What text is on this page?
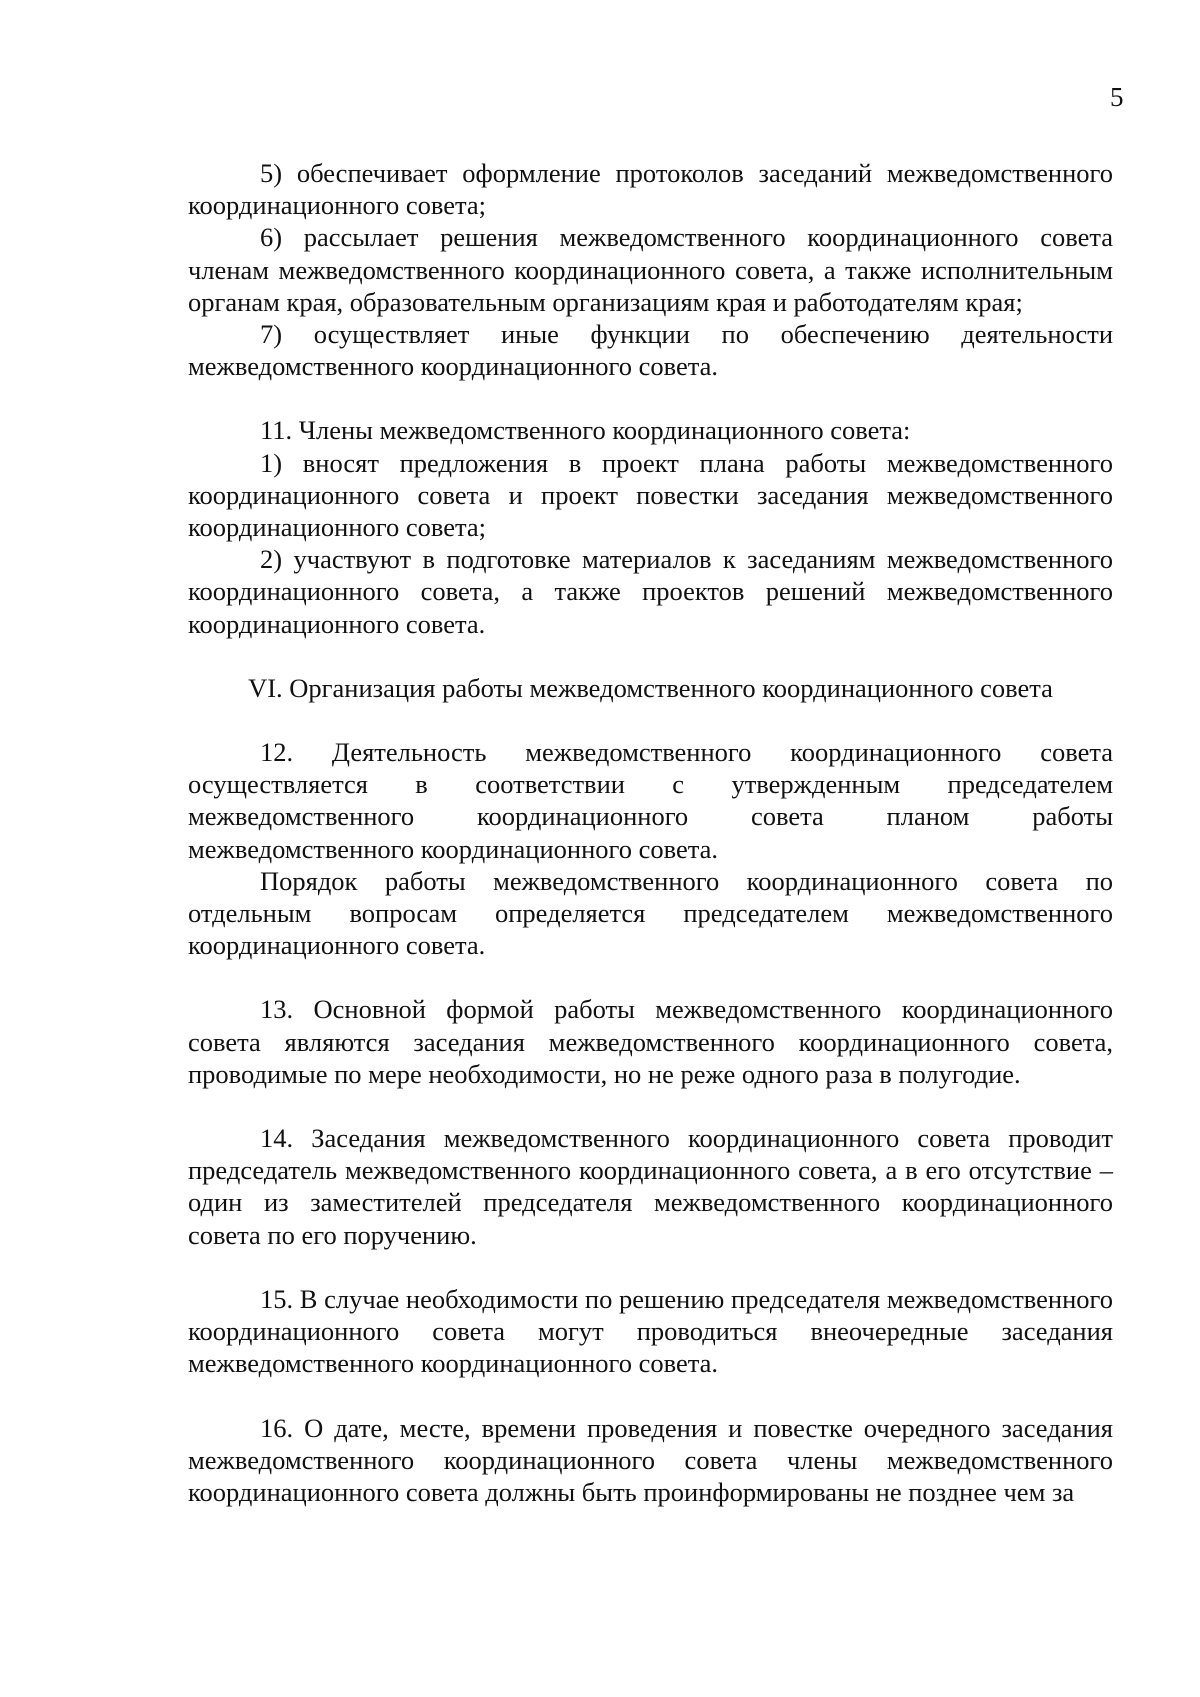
5

5) обеспечивает оформление протоколов заседаний межведомственного координационного совета;

6) рассылает решения межведомственного координационного совета членам межведомственного координационного совета, а также исполнительным органам края, образовательным организациям края и работодателям края;

7) осуществляет иные функции по обеспечению деятельности межведомственного координационного совета.

11. Члены межведомственного координационного совета:

1) вносят предложения в проект плана работы межведомственного координационного совета и проект повестки заседания межведомственного координационного совета;

2) участвуют в подготовке материалов к заседаниям межведомственного координационного совета, а также проектов решений межведомственного координационного совета.

VI. Организация работы межведомственного координационного совета

12. Деятельность межведомственного координационного совета осуществляется в соответствии с утвержденным председателем межведомственного координационного совета планом работы межведомственного координационного совета.

Порядок работы межведомственного координационного совета по отдельным вопросам определяется председателем межведомственного координационного совета.

13. Основной формой работы межведомственного координационного совета являются заседания межведомственного координационного совета, проводимые по мере необходимости, но не реже одного раза в полугодие.

14. Заседания межведомственного координационного совета проводит председатель межведомственного координационного совета, а в его отсутствие – один из заместителей председателя межведомственного координационного совета по его поручению.

15. В случае необходимости по решению председателя межведомственного координационного совета могут проводиться внеочередные заседания межведомственного координационного совета.

16. О дате, месте, времени проведения и повестке очередного заседания межведомственного координационного совета члены межведомственного координационного совета должны быть проинформированы не позднее чем за
